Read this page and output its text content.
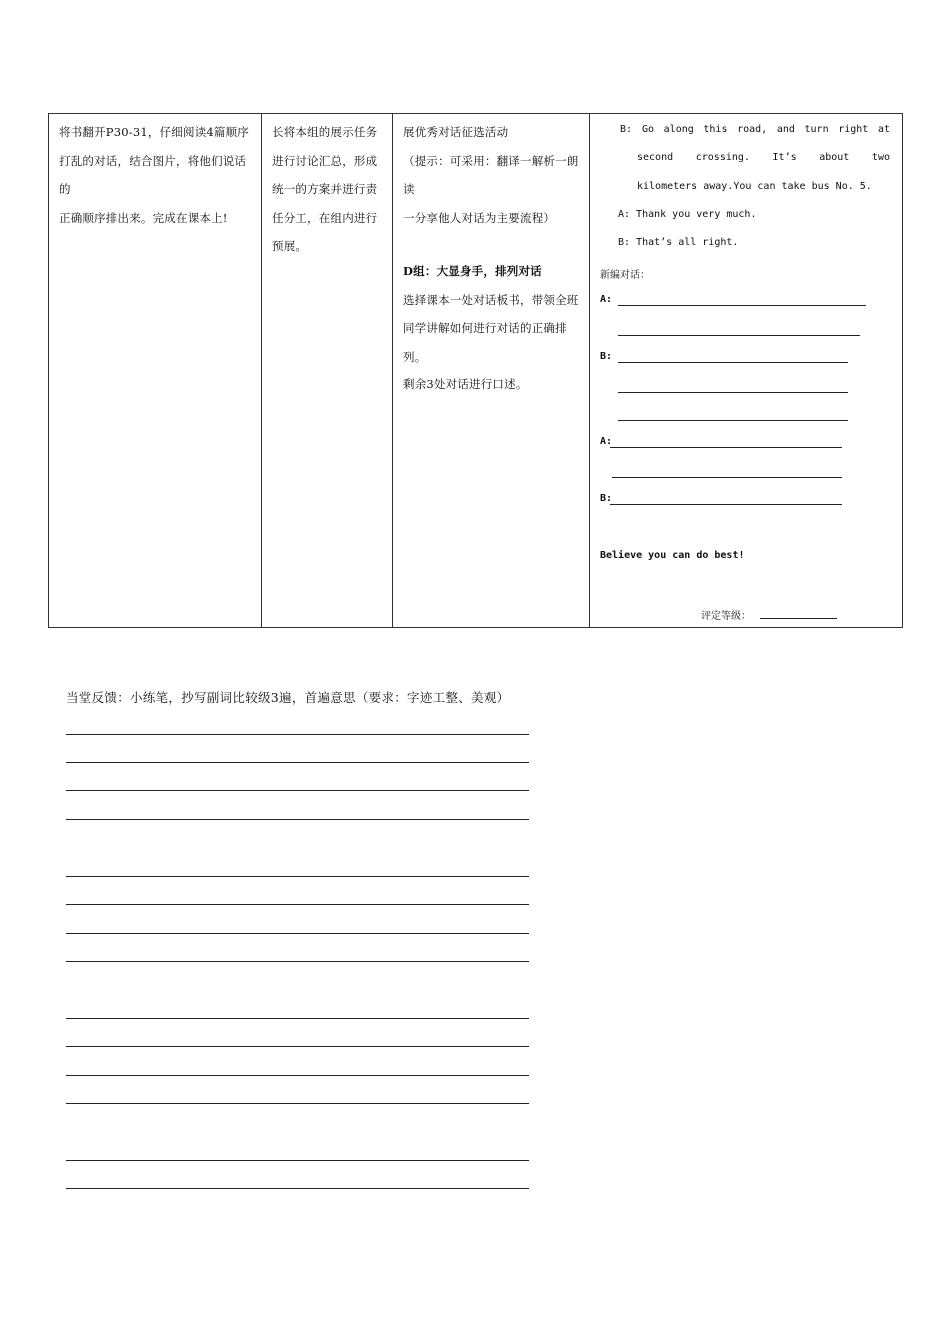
将书翻开P30-31，仔细阅读4篇顺序
打乱的对话，结合图片，将他们说话的
正确顺序排出来。完成在课本上!

长将本组的展示任务
进行讨论汇总，形成
统一的方案并进行责
任分工，在组内进行
预展。

展优秀对话征选活动
（提示：可采用：翻译一解析一朗读
一分享他人对话为主要流程）
D组：大显身手，排列对话
选择课本一处对话板书，带领全班
同学讲解如何进行对话的正确排
列。
剩余3处对话进行口述。

B: Go along this road, and turn right at
second crossing. It’s about two
kilometers away.You can take bus No. 5.
A: Thank you very much.
B: That’s all right.
新编对话：
A:
B:
A:
B:
Believe you can do best!
评定等级：
当堂反馈：小练笔，抄写副词比较级3遍，首遍意思（要求：字迹工整、美观）
